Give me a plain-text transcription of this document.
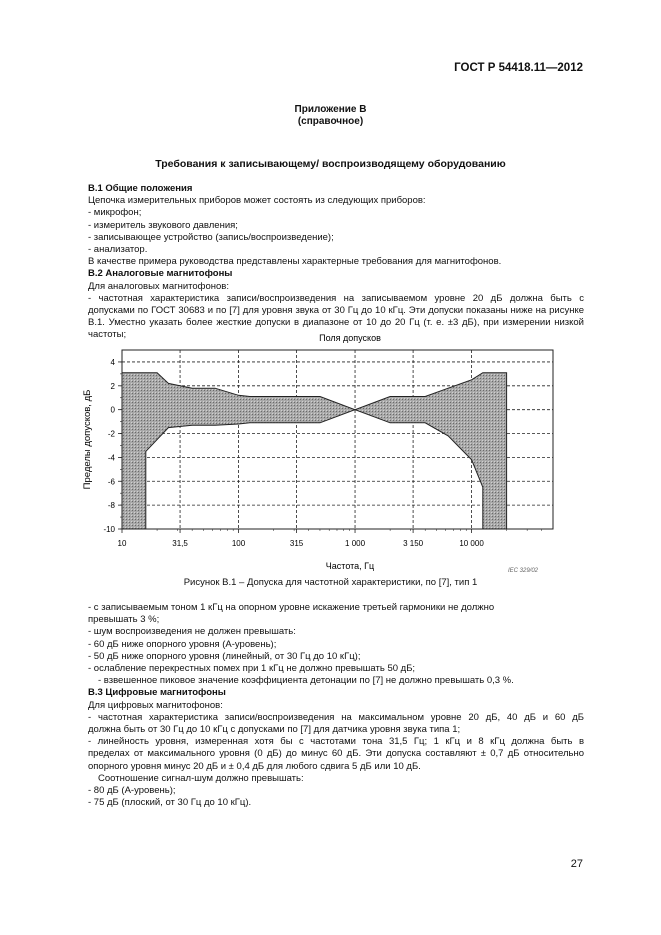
ГОСТ Р 54418.11—2012
Приложение В
(справочное)
Требования к записывающему/ воспроизводящему оборудованию
В.1 Общие положения
Цепочка измерительных приборов может состоять из следующих приборов:
- микрофон;
- измеритель звукового давления;
- записывающее устройство (запись/воспроизведение);
- анализатор.
В качестве примера руководства представлены характерные требования для магнитофонов.
В.2 Аналоговые магнитофоны
Для аналоговых магнитофонов:
- частотная характеристика записи/воспроизведения на записываемом уровне 20 дБ должна быть с
допусками по ГОСТ 30683 и по [7] для уровня звука от 30 Гц до 10 кГц. Эти допуски показаны ниже на рисунке
В.1. Уместно указать более жесткие допуски в диапазоне от 10 до 20 Гц (т. е. ±3 дБ), при измерении низкой
частоты;
4
2
0
-2
-4
-6
-8
-10
10	31,5	100	315	1 000	3 150	10 000
Поля допусков
Частота, Гц
Пределы допусков, дБ
IEC 329/02
Рисунок В.1 – Допуска для частотной характеристики, по [7], тип 1
- с записываемым тоном 1 кГц на опорном уровне искажение третьей гармоники не должно
превышать 3 %;
- шум воспроизведения не должен превышать:
- 60 дБ ниже опорного уровня (А-уровень);
- 50 дБ ниже опорного уровня (линейный, от 30 Гц до 10 кГц);
- ослабление перекрестных помех при 1 кГц не должно превышать 50 дБ;
- взвешенное пиковое значение коэффициента детонации по [7] не должно превышать 0,3 %.
В.3 Цифровые магнитофоны
Для цифровых магнитофонов:
- частотная характеристика записи/воспроизведения на максимальном уровне 20 дБ, 40 дБ и 60 дБ
должна быть от 30 Гц до 10 кГц с допусками по [7] для датчика уровня звука типа 1;
- линейность уровня, измеренная хотя бы с частотами тона 31,5 Гц; 1 кГц и 8 кГц должна быть в
пределах от максимального уровня (0 дБ) до минус 60 дБ. Эти допуска составляют ± 0,7 дБ относительно
опорного уровня минус 20 дБ и ± 0,4 дБ для любого сдвига 5 дБ или 10 дБ.
Соотношение сигнал-шум должно превышать:
- 80 дБ (А-уровень);
- 75 дБ (плоский, от 30 Гц до 10 кГц).
27
